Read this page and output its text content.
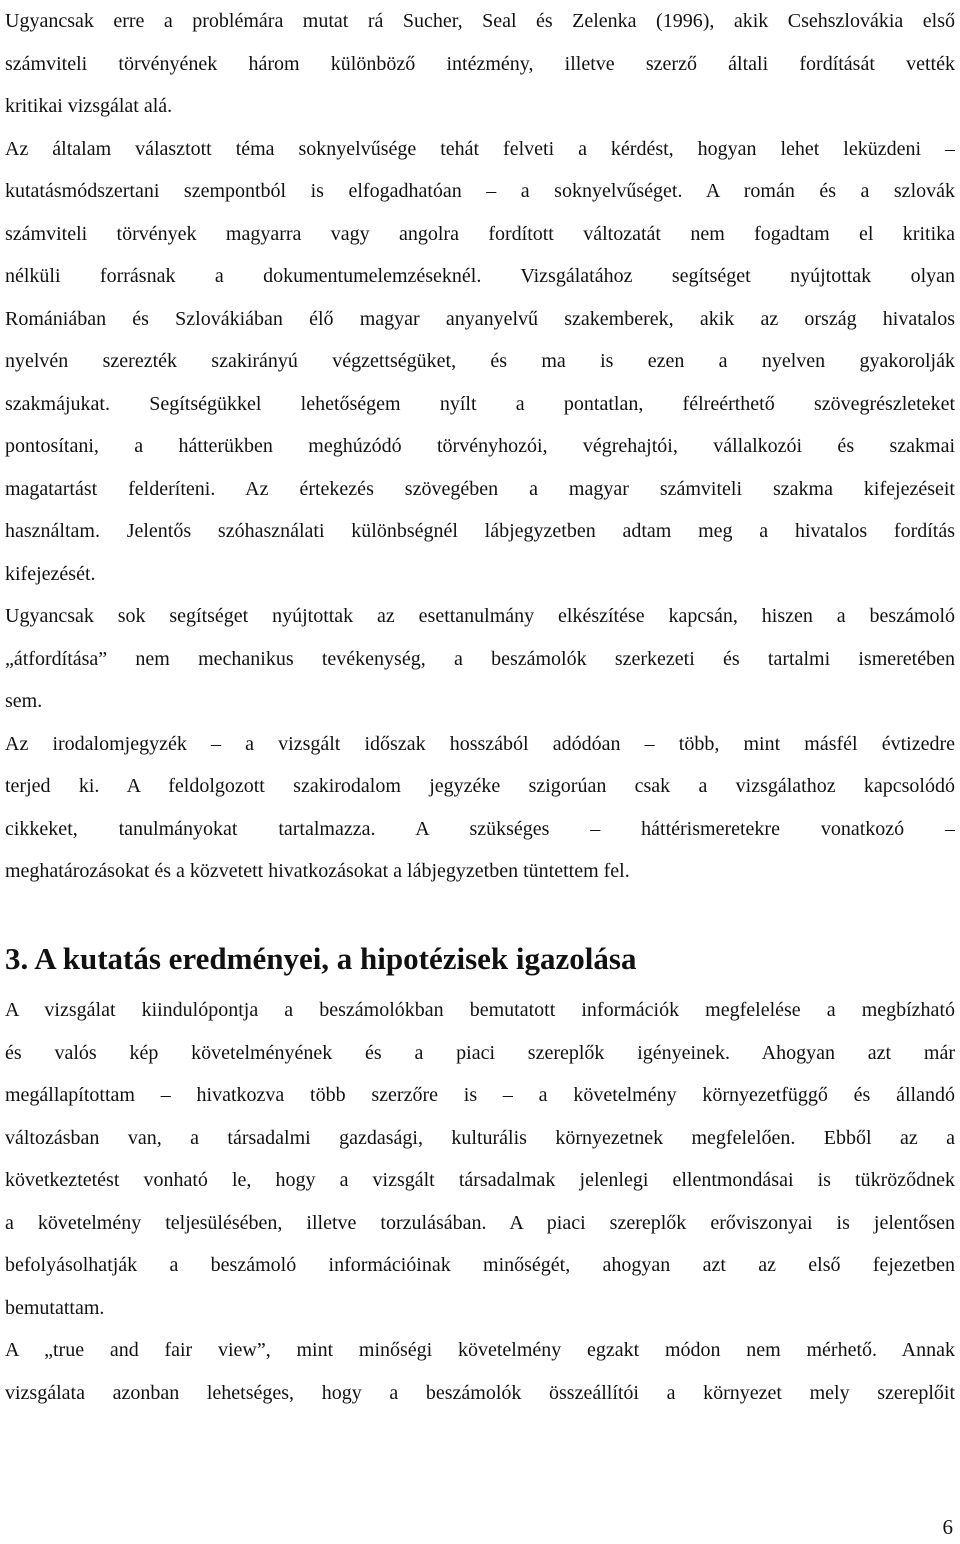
Ugyancsak erre a problémára mutat rá Sucher, Seal és Zelenka (1996), akik Csehszlovákia első
számviteli törvényének három különböző intézmény, illetve szerző általi fordítását vették
kritikai vizsgálat alá.
Az általam választott téma soknyelvűsége tehát felveti a kérdést, hogyan lehet leküzdeni –
kutatásmódszertani szempontból is elfogadhatóan – a soknyelvűséget. A román és a szlovák
számviteli törvények magyarra vagy angolra fordított változatát nem fogadtam el kritika
nélküli forrásnak a dokumentumelemzéseknél. Vizsgálatához segítséget nyújtottak olyan
Romániában és Szlovákiában élő magyar anyanyelvű szakemberek, akik az ország hivatalos
nyelvén szerezték szakirányú végzettségüket, és ma is ezen a nyelven gyakorolják
szakmájukat. Segítségükkel lehetőségem nyílt a pontatlan, félreérthető szövegrészleteket
pontosítani, a hátterükben meghúzódó törvényhozói, végrehajtói, vállalkozói és szakmai
magatartást felderíteni. Az értekezés szövegében a magyar számviteli szakma kifejezéseit
használtam. Jelentős szóhasználati különbségnél lábjegyzetben adtam meg a hivatalos fordítás
kifejezését.
Ugyancsak sok segítséget nyújtottak az esettanulmány elkészítése kapcsán, hiszen a beszámoló
„átfordítása” nem mechanikus tevékenység, a beszámolók szerkezeti és tartalmi ismeretében
sem.
Az irodalomjegyzék – a vizsgált időszak hosszából adódóan – több, mint másfél évtizedre
terjed ki. A feldolgozott szakirodalom jegyzéke szigorúan csak a vizsgálathoz kapcsolódó
cikkeket, tanulmányokat tartalmazza. A szükséges – háttérismeretekre vonatkozó –
meghatározásokat és a közvetett hivatkozásokat a lábjegyzetben tüntettem fel.
3. A kutatás eredményei, a hipotézisek igazolása
A vizsgálat kiindulópontja a beszámolókban bemutatott információk megfelelése a megbízható
és valós kép követelményének és a piaci szereplők igényeinek. Ahogyan azt már
megállapítottam – hivatkozva több szerzőre is – a követelmény környezetfüggő és állandó
változásban van, a társadalmi gazdasági, kulturális környezetnek megfelelően. Ebből az a
következtetést vonható le, hogy a vizsgált társadalmak jelenlegi ellentmondásai is tükröződnek
a követelmény teljesülésében, illetve torzulásában. A piaci szereplők erőviszonyai is jelentősen
befolyásolhatják a beszámoló információinak minőségét, ahogyan azt az első fejezetben
bemutattam.
A „true and fair view”, mint minőségi követelmény egzakt módon nem mérhető. Annak
vizsgálata azonban lehetséges, hogy a beszámolók összeállítói a környezet mely szereplőit
6
